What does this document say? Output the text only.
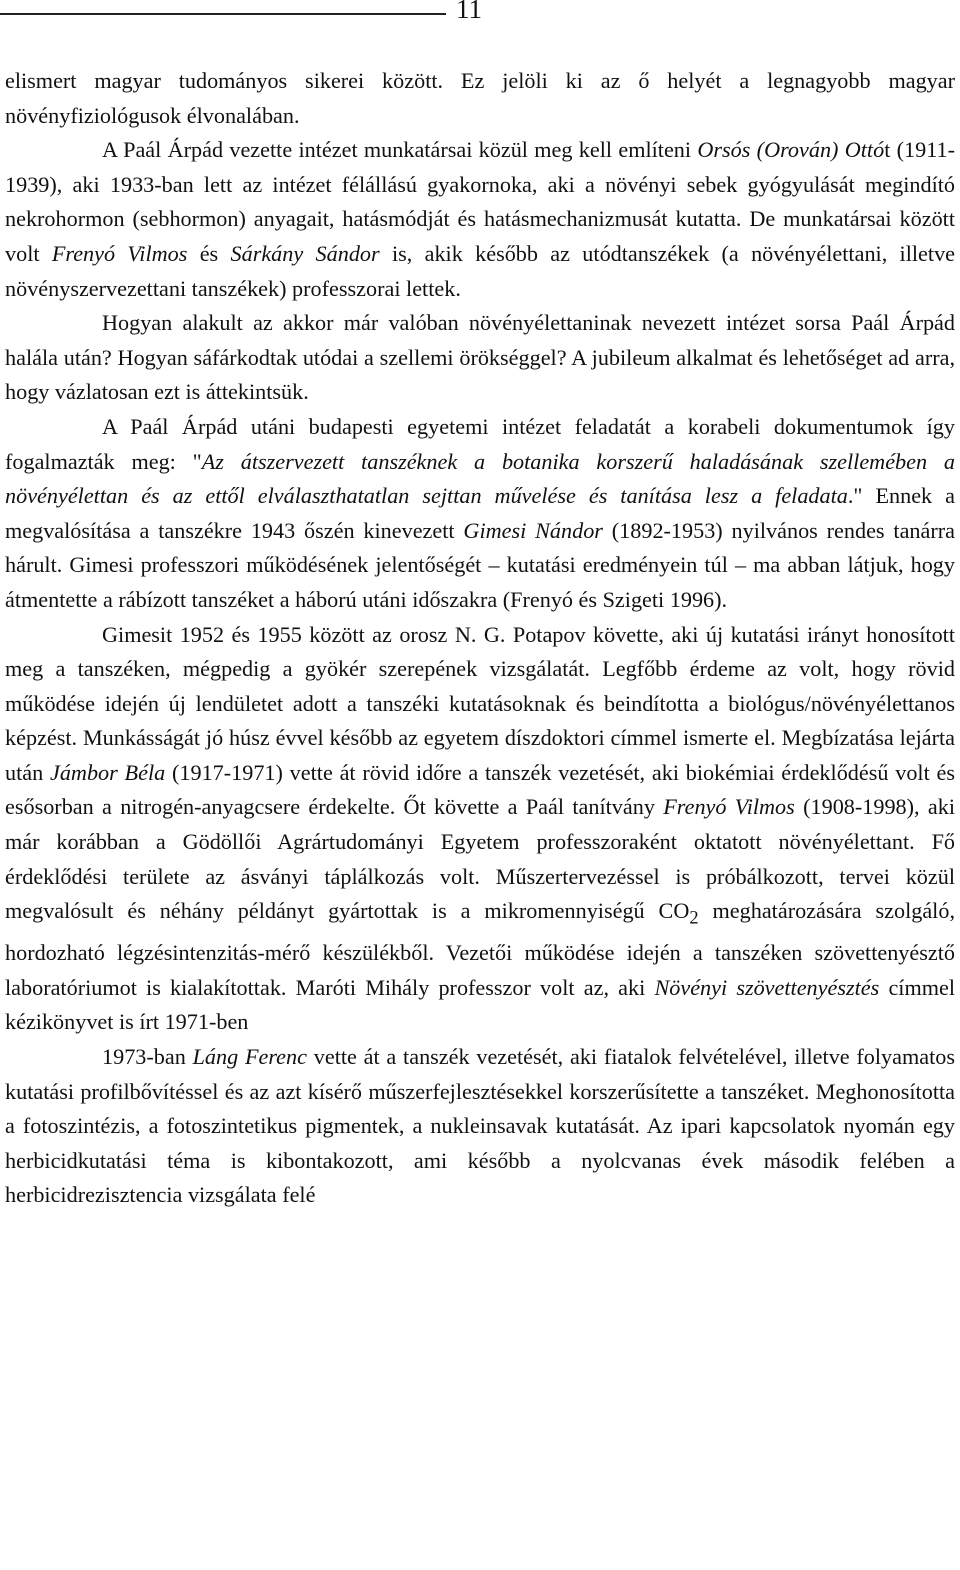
11

elismert magyar tudományos sikerei között. Ez jelöli ki az ő helyét a legnagyobb magyar növényfiziológusok élvonalában.

A Paál Árpád vezette intézet munkatársai közül meg kell említeni Orsós (Orován) Ottót (1911-1939), aki 1933-ban lett az intézet félállású gyakornoka, aki a növényi sebek gyógyulását megindító nekrohormon (sebhormon) anyagait, hatásmódját és hatásmechanizmusát kutatta. De munkatársai között volt Frenyó Vilmos és Sárkány Sándor is, akik később az utódtanszékek (a növényélettani, illetve növényszervezettani tanszékek) professzorai lettek.

Hogyan alakult az akkor már valóban növényélettaninak nevezett intézet sorsa Paál Árpád halála után? Hogyan sáfárkodtak utódai a szellemi örökséggel? A jubileum alkalmat és lehetőséget ad arra, hogy vázlatosan ezt is áttekintsük.

A Paál Árpád utáni budapesti egyetemi intézet feladatát a korabeli dokumentumok így fogalmazták meg: "Az átszervezett tanszéknek a botanika korszerű haladásának szellemében a növényélettan és az ettől elválaszthatatlan sejttan művelése és tanítása lesz a feladata." Ennek a megvalósítása a tanszékre 1943 őszén kinevezett Gimesi Nándor (1892-1953) nyilvános rendes tanárra hárult. Gimesi professzori működésének jelentőségét – kutatási eredményein túl – ma abban látjuk, hogy átmentette a rábízott tanszéket a háború utáni időszakra (Frenyó és Szigeti 1996).

Gimesit 1952 és 1955 között az orosz N. G. Potapov követte, aki új kutatási irányt honosított meg a tanszéken, mégpedig a gyökér szerepének vizsgálatát. Legfőbb érdeme az volt, hogy rövid működése idején új lendületet adott a tanszéki kutatásoknak és beindította a biológus/növényélettanos képzést. Munkásságát jó húsz évvel később az egyetem díszdoktori címmel ismerte el. Megbízatása lejárta után Jámbor Béla (1917-1971) vette át rövid időre a tanszék vezetését, aki biokémiai érdeklődésű volt és esősorban a nitrogén-anyagcsere érdekelte. Őt követte a Paál tanítvány Frenyó Vilmos (1908-1998), aki már korábban a Gödöllői Agrártudományi Egyetem professzoraként oktatott növényélettant. Fő érdeklődési területe az ásványi táplálkozás volt. Műszertervezéssel is próbálkozott, tervei közül megvalósult és néhány példányt gyártottak is a mikromennyiségű $CO_2$ meghatározására szolgáló, hordozható légzésintenzitás-mérő készülékből. Vezetői működése idején a tanszéken szövettenyésztő laboratóriumot is kialakítottak. Maróti Mihály professzor volt az, aki Növényi szövettenyésztés címmel kézikönyvet is írt 1971-ben

1973-ban Láng Ferenc vette át a tanszék vezetését, aki fiatalok felvételével, illetve folyamatos kutatási profilbővítéssel és az azt kísérő műszerfejlesztésekkel korszerűsítette a tanszéket. Meghonosította a fotoszintézis, a fotoszintetikus pigmentek, a nukleinsavak kutatását. Az ipari kapcsolatok nyomán egy herbicidkutatási téma is kibontakozott, ami később a nyolcvanas évek második felében a herbicidrezisztencia vizsgálata felé
